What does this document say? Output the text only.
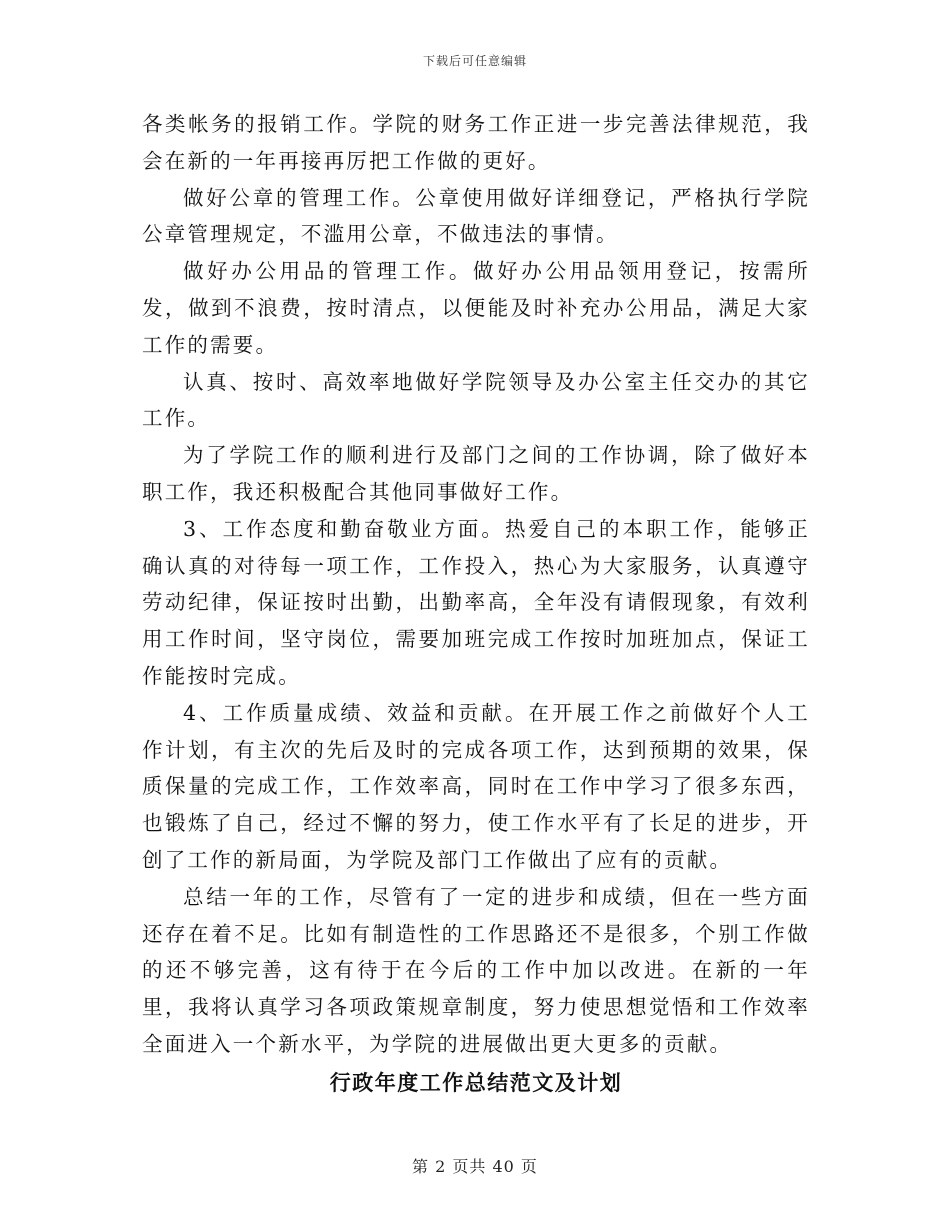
下载后可任意编辑

各类帐务的报销工作。学院的财务工作正进一步完善法律规范，我会在新的一年再接再厉把工作做的更好。

做好公章的管理工作。公章使用做好详细登记，严格执行学院公章管理规定，不滥用公章，不做违法的事情。

做好办公用品的管理工作。做好办公用品领用登记，按需所发，做到不浪费，按时清点，以便能及时补充办公用品，满足大家工作的需要。

认真、按时、高效率地做好学院领导及办公室主任交办的其它工作。

为了学院工作的顺利进行及部门之间的工作协调，除了做好本职工作，我还积极配合其他同事做好工作。

3、工作态度和勤奋敬业方面。热爱自己的本职工作，能够正确认真的对待每一项工作，工作投入，热心为大家服务，认真遵守劳动纪律，保证按时出勤，出勤率高，全年没有请假现象，有效利用工作时间，坚守岗位，需要加班完成工作按时加班加点，保证工作能按时完成。

4、工作质量成绩、效益和贡献。在开展工作之前做好个人工作计划，有主次的先后及时的完成各项工作，达到预期的效果，保质保量的完成工作，工作效率高，同时在工作中学习了很多东西，也锻炼了自己，经过不懈的努力，使工作水平有了长足的进步，开创了工作的新局面，为学院及部门工作做出了应有的贡献。

总结一年的工作，尽管有了一定的进步和成绩，但在一些方面还存在着不足。比如有制造性的工作思路还不是很多，个别工作做的还不够完善，这有待于在今后的工作中加以改进。在新的一年里，我将认真学习各项政策规章制度，努力使思想觉悟和工作效率全面进入一个新水平，为学院的进展做出更大更多的贡献。

行政年度工作总结范文及计划
第 2 页共 40 页
